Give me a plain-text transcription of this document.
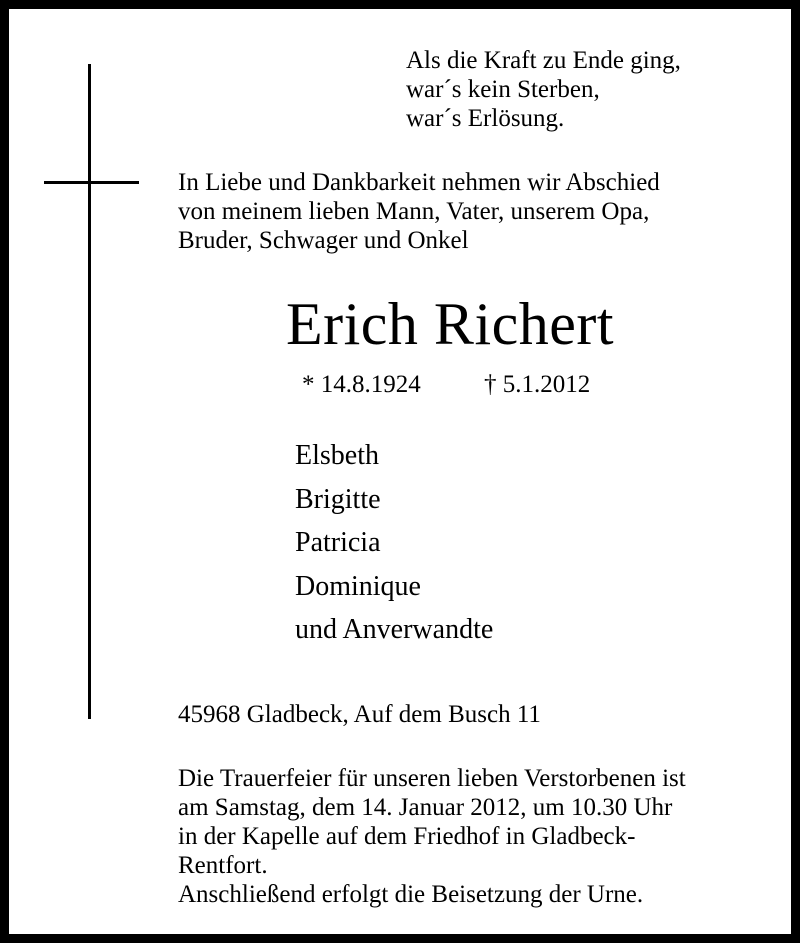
Als die Kraft zu Ende ging,
war´s kein Sterben,
war´s Erlösung.
In Liebe und Dankbarkeit nehmen wir Abschied
von meinem lieben Mann, Vater, unserem Opa,
Bruder, Schwager und Onkel
Erich Richert
* 14.8.1924	† 5.1.2012
Elsbeth
Brigitte
Patricia
Dominique
und Anverwandte
45968 Gladbeck, Auf dem Busch 11
Die Trauerfeier für unseren lieben Verstorbenen ist
am Samstag, dem 14. Januar 2012, um 10.30 Uhr
in der Kapelle auf dem Friedhof in Gladbeck-
Rentfort.
Anschließend erfolgt die Beisetzung der Urne.
